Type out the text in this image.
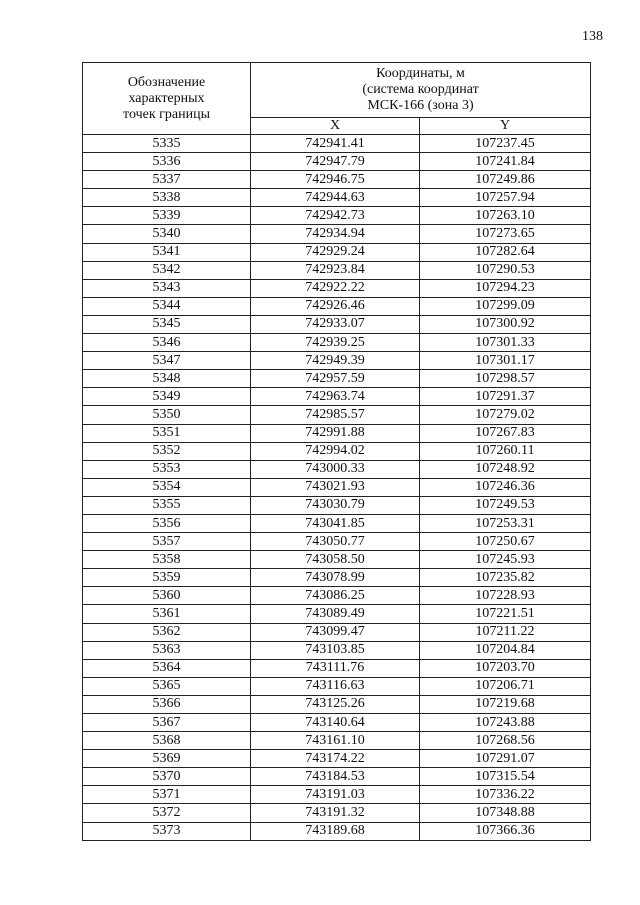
138
Обозначение
характерных
точек границы	Координаты, м
(система координат
МСК-166 (зона 3)	
	X	Y
5335	742941.41	107237.45
5336	742947.79	107241.84
5337	742946.75	107249.86
5338	742944.63	107257.94
5339	742942.73	107263.10
5340	742934.94	107273.65
5341	742929.24	107282.64
5342	742923.84	107290.53
5343	742922.22	107294.23
5344	742926.46	107299.09
5345	742933.07	107300.92
5346	742939.25	107301.33
5347	742949.39	107301.17
5348	742957.59	107298.57
5349	742963.74	107291.37
5350	742985.57	107279.02
5351	742991.88	107267.83
5352	742994.02	107260.11
5353	743000.33	107248.92
5354	743021.93	107246.36
5355	743030.79	107249.53
5356	743041.85	107253.31
5357	743050.77	107250.67
5358	743058.50	107245.93
5359	743078.99	107235.82
5360	743086.25	107228.93
5361	743089.49	107221.51
5362	743099.47	107211.22
5363	743103.85	107204.84
5364	743111.76	107203.70
5365	743116.63	107206.71
5366	743125.26	107219.68
5367	743140.64	107243.88
5368	743161.10	107268.56
5369	743174.22	107291.07
5370	743184.53	107315.54
5371	743191.03	107336.22
5372	743191.32	107348.88
5373	743189.68	107366.36
